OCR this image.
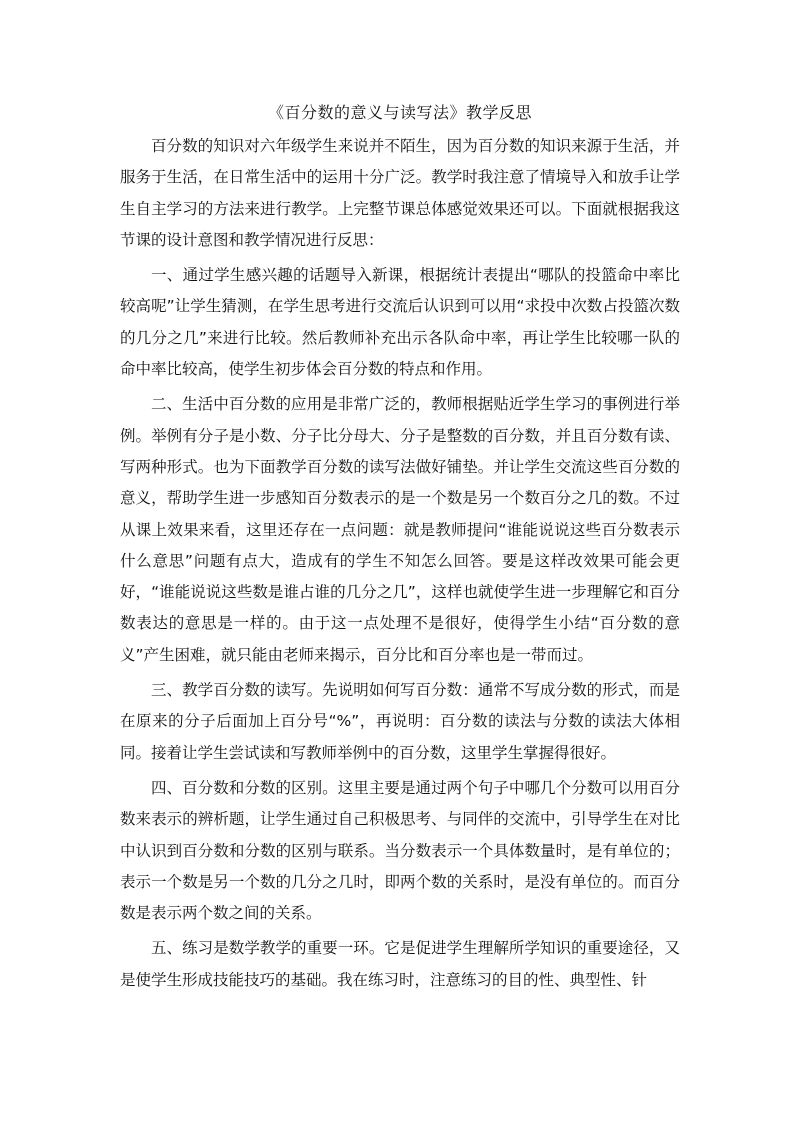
《百分数的意义与读写法》教学反思

百分数的知识对六年级学生来说并不陌生，因为百分数的知识来源于生活，并服务于生活，在日常生活中的运用十分广泛。教学时我注意了情境导入和放手让学生自主学习的方法来进行教学。上完整节课总体感觉效果还可以。下面就根据我这节课的设计意图和教学情况进行反思：

一、通过学生感兴趣的话题导入新课，根据统计表提出“哪队的投篮命中率比较高呢”让学生猜测，在学生思考进行交流后认识到可以用“求投中次数占投篮次数的几分之几”来进行比较。然后教师补充出示各队命中率，再让学生比较哪一队的命中率比较高，使学生初步体会百分数的特点和作用。

二、生活中百分数的应用是非常广泛的，教师根据贴近学生学习的事例进行举例。举例有分子是小数、分子比分母大、分子是整数的百分数，并且百分数有读、写两种形式。也为下面教学百分数的读写法做好铺垫。并让学生交流这些百分数的意义，帮助学生进一步感知百分数表示的是一个数是另一个数百分之几的数。不过从课上效果来看，这里还存在一点问题：就是教师提问“谁能说说这些百分数表示什么意思”问题有点大，造成有的学生不知怎么回答。要是这样改效果可能会更好，“谁能说说这些数是谁占谁的几分之几”，这样也就使学生进一步理解它和百分数表达的意思是一样的。由于这一点处理不是很好，使得学生小结“百分数的意义”产生困难，就只能由老师来揭示，百分比和百分率也是一带而过。

三、教学百分数的读写。先说明如何写百分数：通常不写成分数的形式，而是在原来的分子后面加上百分号“%”，再说明：百分数的读法与分数的读法大体相同。接着让学生尝试读和写教师举例中的百分数，这里学生掌握得很好。

四、百分数和分数的区别。这里主要是通过两个句子中哪几个分数可以用百分数来表示的辨析题，让学生通过自己积极思考、与同伴的交流中，引导学生在对比中认识到百分数和分数的区别与联系。当分数表示一个具体数量时，是有单位的；表示一个数是另一个数的几分之几时，即两个数的关系时，是没有单位的。而百分数是表示两个数之间的关系。

五、练习是数学教学的重要一环。它是促进学生理解所学知识的重要途径，又是使学生形成技能技巧的基础。我在练习时，注意练习的目的性、典型性、针
